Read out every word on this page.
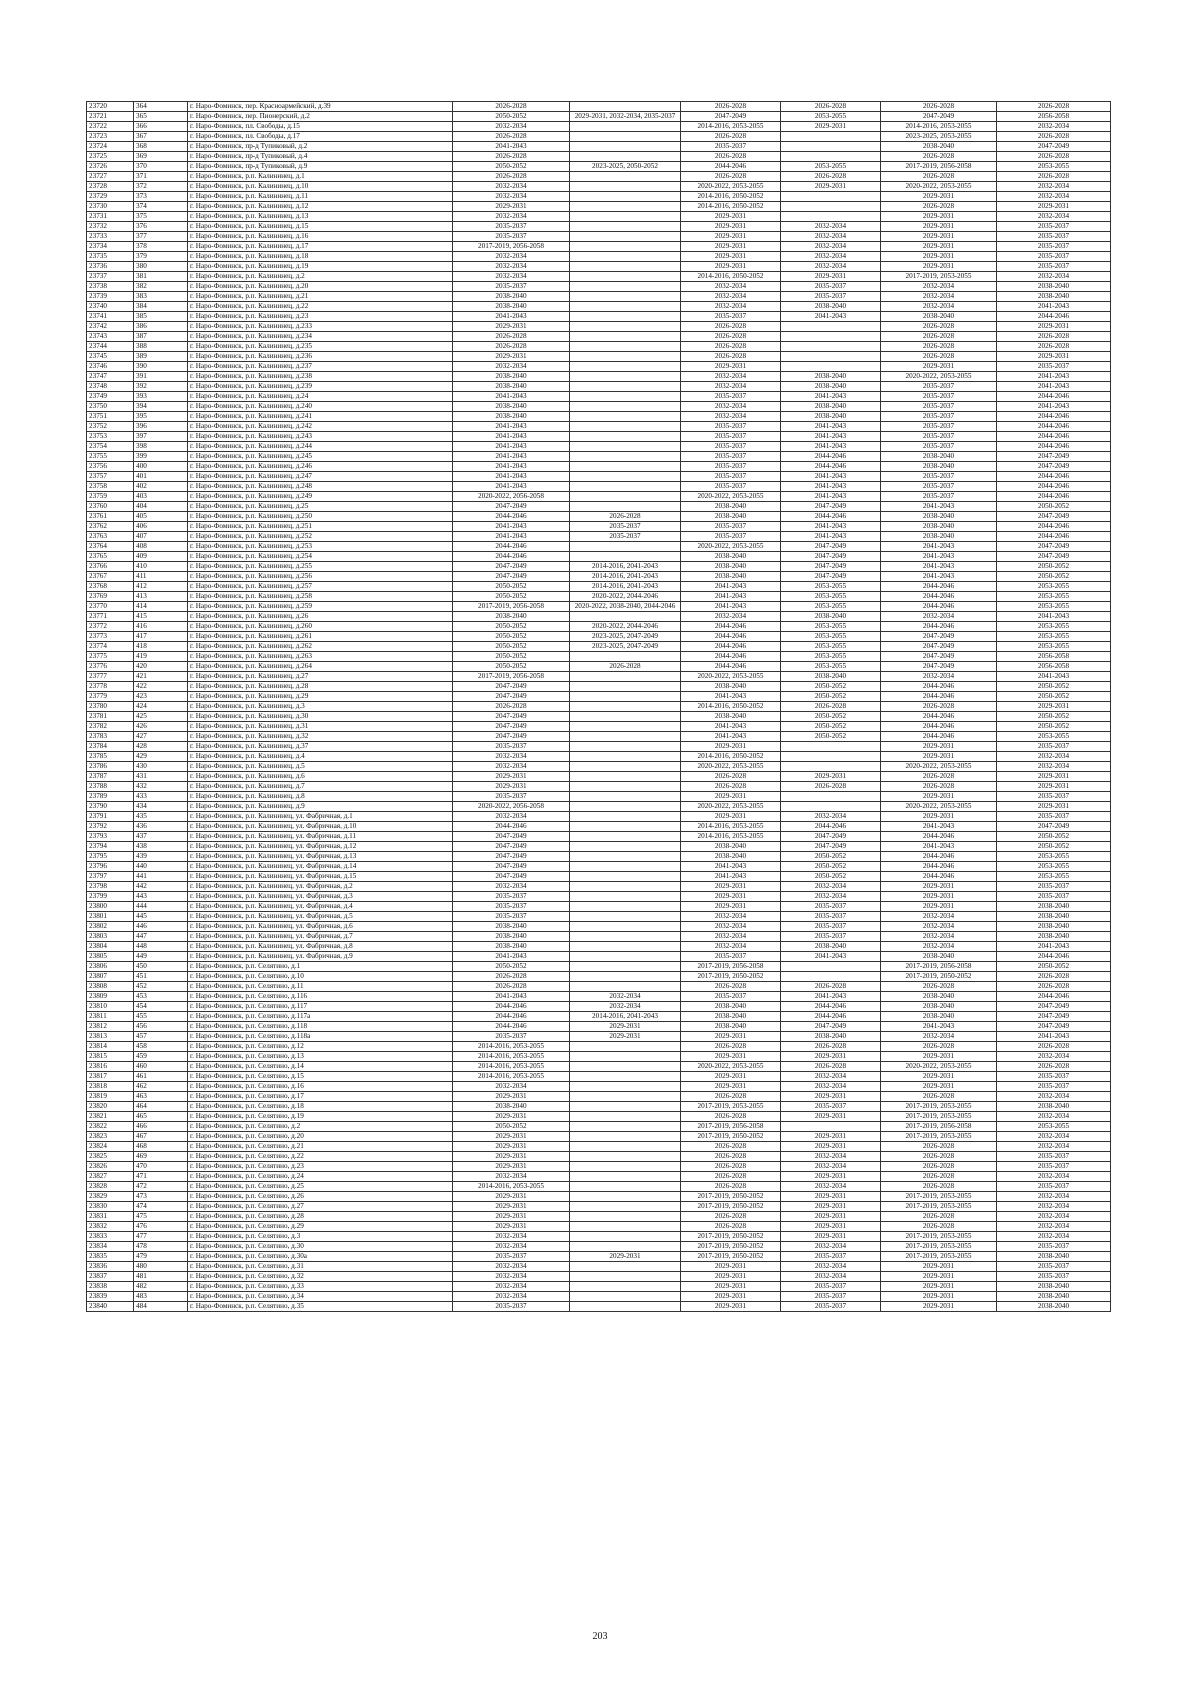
23720	364	г. Наро-Фоминск, пер. Красноармейский, д.39	2026-2028		2026-2028	2026-2028	2026-2028	2026-2028
23721	365	г. Наро-Фоминск, пер. Пионерский, д.2	2050-2052	2029-2031, 2032-2034, 2035-2037	2047-2049	2053-2055	2047-2049	2056-2058
23722	366	г. Наро-Фоминск, пл. Свободы, д.15	2032-2034		2014-2016, 2053-2055	2029-2031	2014-2016, 2053-2055	2032-2034
23723	367	г. Наро-Фоминск, пл. Свободы, д.17	2026-2028		2026-2028		2023-2025, 2053-2055	2026-2028
23724	368	г. Наро-Фоминск, пр-д Тупиковый, д.2	2041-2043		2035-2037		2038-2040	2047-2049
23725	369	г. Наро-Фоминск, пр-д Тупиковый, д.4	2026-2028		2026-2028		2026-2028	2026-2028
23726	370	г. Наро-Фоминск, пр-д Тупиковый, д.9	2050-2052	2023-2025, 2050-2052	2044-2046	2053-2055	2017-2019, 2056-2058	2053-2055
23727	371	г. Наро-Фоминск, р.п. Калининец, д.1	2026-2028		2026-2028	2026-2028	2026-2028	2026-2028
23728	372	г. Наро-Фоминск, р.п. Калининец, д.10	2032-2034		2020-2022, 2053-2055	2029-2031	2020-2022, 2053-2055	2032-2034
23729	373	г. Наро-Фоминск, р.п. Калининец, д.11	2032-2034		2014-2016, 2050-2052		2029-2031	2032-2034
23730	374	г. Наро-Фоминск, р.п. Калининец, д.12	2029-2031		2014-2016, 2050-2052		2026-2028	2029-2031
23731	375	г. Наро-Фоминск, р.п. Калининец, д.13	2032-2034		2029-2031		2029-2031	2032-2034
23732	376	г. Наро-Фоминск, р.п. Калининец, д.15	2035-2037		2029-2031	2032-2034	2029-2031	2035-2037
23733	377	г. Наро-Фоминск, р.п. Калининец, д.16	2035-2037		2029-2031	2032-2034	2029-2031	2035-2037
23734	378	г. Наро-Фоминск, р.п. Калининец, д.17	2017-2019, 2056-2058		2029-2031	2032-2034	2029-2031	2035-2037
23735	379	г. Наро-Фоминск, р.п. Калининец, д.18	2032-2034		2029-2031	2032-2034	2029-2031	2035-2037
23736	380	г. Наро-Фоминск, р.п. Калининец, д.19	2032-2034		2029-2031	2032-2034	2029-2031	2035-2037
23737	381	г. Наро-Фоминск, р.п. Калининец, д.2	2032-2034		2014-2016, 2050-2052	2029-2031	2017-2019, 2053-2055	2032-2034
23738	382	г. Наро-Фоминск, р.п. Калининец, д.20	2035-2037		2032-2034	2035-2037	2032-2034	2038-2040
23739	383	г. Наро-Фоминск, р.п. Калининец, д.21	2038-2040		2032-2034	2035-2037	2032-2034	2038-2040
23740	384	г. Наро-Фоминск, р.п. Калининец, д.22	2038-2040		2032-2034	2038-2040	2032-2034	2041-2043
23741	385	г. Наро-Фоминск, р.п. Калининец, д.23	2041-2043		2035-2037	2041-2043	2038-2040	2044-2046
23742	386	г. Наро-Фоминск, р.п. Калининец, д.233	2029-2031		2026-2028		2026-2028	2029-2031
23743	387	г. Наро-Фоминск, р.п. Калининец, д.234	2026-2028		2026-2028		2026-2028	2026-2028
23744	388	г. Наро-Фоминск, р.п. Калининец, д.235	2026-2028		2026-2028		2026-2028	2026-2028
23745	389	г. Наро-Фоминск, р.п. Калининец, д.236	2029-2031		2026-2028		2026-2028	2029-2031
23746	390	г. Наро-Фоминск, р.п. Калининец, д.237	2032-2034		2029-2031		2029-2031	2035-2037
23747	391	г. Наро-Фоминск, р.п. Калининец, д.238	2038-2040		2032-2034	2038-2040	2020-2022, 2053-2055	2041-2043
23748	392	г. Наро-Фоминск, р.п. Калининец, д.239	2038-2040		2032-2034	2038-2040	2035-2037	2041-2043
23749	393	г. Наро-Фоминск, р.п. Калининец, д.24	2041-2043		2035-2037	2041-2043	2035-2037	2044-2046
23750	394	г. Наро-Фоминск, р.п. Калининец, д.240	2038-2040		2032-2034	2038-2040	2035-2037	2041-2043
23751	395	г. Наро-Фоминск, р.п. Калининец, д.241	2038-2040		2032-2034	2038-2040	2035-2037	2044-2046
23752	396	г. Наро-Фоминск, р.п. Калининец, д.242	2041-2043		2035-2037	2041-2043	2035-2037	2044-2046
23753	397	г. Наро-Фоминск, р.п. Калининец, д.243	2041-2043		2035-2037	2041-2043	2035-2037	2044-2046
23754	398	г. Наро-Фоминск, р.п. Калининец, д.244	2041-2043		2035-2037	2041-2043	2035-2037	2044-2046
23755	399	г. Наро-Фоминск, р.п. Калининец, д.245	2041-2043		2035-2037	2044-2046	2038-2040	2047-2049
23756	400	г. Наро-Фоминск, р.п. Калининец, д.246	2041-2043		2035-2037	2044-2046	2038-2040	2047-2049
23757	401	г. Наро-Фоминск, р.п. Калининец, д.247	2041-2043		2035-2037	2041-2043	2035-2037	2044-2046
23758	402	г. Наро-Фоминск, р.п. Калининец, д.248	2041-2043		2035-2037	2041-2043	2035-2037	2044-2046
23759	403	г. Наро-Фоминск, р.п. Калининец, д.249	2020-2022, 2056-2058		2020-2022, 2053-2055	2041-2043	2035-2037	2044-2046
23760	404	г. Наро-Фоминск, р.п. Калининец, д.25	2047-2049		2038-2040	2047-2049	2041-2043	2050-2052
23761	405	г. Наро-Фоминск, р.п. Калининец, д.250	2044-2046	2026-2028	2038-2040	2044-2046	2038-2040	2047-2049
23762	406	г. Наро-Фоминск, р.п. Калининец, д.251	2041-2043	2035-2037	2035-2037	2041-2043	2038-2040	2044-2046
23763	407	г. Наро-Фоминск, р.п. Калининец, д.252	2041-2043	2035-2037	2035-2037	2041-2043	2038-2040	2044-2046
23764	408	г. Наро-Фоминск, р.п. Калининец, д.253	2044-2046		2020-2022, 2053-2055	2047-2049	2041-2043	2047-2049
23765	409	г. Наро-Фоминск, р.п. Калининец, д.254	2044-2046		2038-2040	2047-2049	2041-2043	2047-2049
23766	410	г. Наро-Фоминск, р.п. Калининец, д.255	2047-2049	2014-2016, 2041-2043	2038-2040	2047-2049	2041-2043	2050-2052
23767	411	г. Наро-Фоминск, р.п. Калининец, д.256	2047-2049	2014-2016, 2041-2043	2038-2040	2047-2049	2041-2043	2050-2052
23768	412	г. Наро-Фоминск, р.п. Калининец, д.257	2050-2052	2014-2016, 2041-2043	2041-2043	2053-2055	2044-2046	2053-2055
23769	413	г. Наро-Фоминск, р.п. Калининец, д.258	2050-2052	2020-2022, 2044-2046	2041-2043	2053-2055	2044-2046	2053-2055
23770	414	г. Наро-Фоминск, р.п. Калининец, д.259	2017-2019, 2056-2058	2020-2022, 2038-2040, 2044-2046	2041-2043	2053-2055	2044-2046	2053-2055
23771	415	г. Наро-Фоминск, р.п. Калининец, д.26	2038-2040		2032-2034	2038-2040	2032-2034	2041-2043
23772	416	г. Наро-Фоминск, р.п. Калининец, д.260	2050-2052	2020-2022, 2044-2046	2044-2046	2053-2055	2044-2046	2053-2055
23773	417	г. Наро-Фоминск, р.п. Калининец, д.261	2050-2052	2023-2025, 2047-2049	2044-2046	2053-2055	2047-2049	2053-2055
23774	418	г. Наро-Фоминск, р.п. Калининец, д.262	2050-2052	2023-2025, 2047-2049	2044-2046	2053-2055	2047-2049	2053-2055
23775	419	г. Наро-Фоминск, р.п. Калининец, д.263	2050-2052		2044-2046	2053-2055	2047-2049	2056-2058
23776	420	г. Наро-Фоминск, р.п. Калининец, д.264	2050-2052	2026-2028	2044-2046	2053-2055	2047-2049	2056-2058
23777	421	г. Наро-Фоминск, р.п. Калининец, д.27	2017-2019, 2056-2058		2020-2022, 2053-2055	2038-2040	2032-2034	2041-2043
23778	422	г. Наро-Фоминск, р.п. Калининец, д.28	2047-2049		2038-2040	2050-2052	2044-2046	2050-2052
23779	423	г. Наро-Фоминск, р.п. Калининец, д.29	2047-2049		2041-2043	2050-2052	2044-2046	2050-2052
23780	424	г. Наро-Фоминск, р.п. Калининец, д.3	2026-2028		2014-2016, 2050-2052	2026-2028	2026-2028	2029-2031
23781	425	г. Наро-Фоминск, р.п. Калининец, д.30	2047-2049		2038-2040	2050-2052	2044-2046	2050-2052
23782	426	г. Наро-Фоминск, р.п. Калининец, д.31	2047-2049		2041-2043	2050-2052	2044-2046	2050-2052
23783	427	г. Наро-Фоминск, р.п. Калининец, д.32	2047-2049		2041-2043	2050-2052	2044-2046	2053-2055
23784	428	г. Наро-Фоминск, р.п. Калининец, д.37	2035-2037		2029-2031		2029-2031	2035-2037
23785	429	г. Наро-Фоминск, р.п. Калининец, д.4	2032-2034		2014-2016, 2050-2052		2029-2031	2032-2034
23786	430	г. Наро-Фоминск, р.п. Калининец, д.5	2032-2034		2020-2022, 2053-2055		2020-2022, 2053-2055	2032-2034
23787	431	г. Наро-Фоминск, р.п. Калининец, д.6	2029-2031		2026-2028	2029-2031	2026-2028	2029-2031
23788	432	г. Наро-Фоминск, р.п. Калининец, д.7	2029-2031		2026-2028	2026-2028	2026-2028	2029-2031
23789	433	г. Наро-Фоминск, р.п. Калининец, д.8	2035-2037		2029-2031		2029-2031	2035-2037
23790	434	г. Наро-Фоминск, р.п. Калининец, д.9	2020-2022, 2056-2058		2020-2022, 2053-2055		2020-2022, 2053-2055	2029-2031
23791	435	г. Наро-Фоминск, р.п. Калининец, ул. Фабричная, д.1	2032-2034		2029-2031	2032-2034	2029-2031	2035-2037
23792	436	г. Наро-Фоминск, р.п. Калининец, ул. Фабричная, д.10	2044-2046		2014-2016, 2053-2055	2044-2046	2041-2043	2047-2049
23793	437	г. Наро-Фоминск, р.п. Калининец, ул. Фабричная, д.11	2047-2049		2014-2016, 2053-2055	2047-2049	2044-2046	2050-2052
23794	438	г. Наро-Фоминск, р.п. Калининец, ул. Фабричная, д.12	2047-2049		2038-2040	2047-2049	2041-2043	2050-2052
23795	439	г. Наро-Фоминск, р.п. Калининец, ул. Фабричная, д.13	2047-2049		2038-2040	2050-2052	2044-2046	2053-2055
23796	440	г. Наро-Фоминск, р.п. Калининец, ул. Фабричная, д.14	2047-2049		2041-2043	2050-2052	2044-2046	2053-2055
23797	441	г. Наро-Фоминск, р.п. Калининец, ул. Фабричная, д.15	2047-2049		2041-2043	2050-2052	2044-2046	2053-2055
23798	442	г. Наро-Фоминск, р.п. Калининец, ул. Фабричная, д.2	2032-2034		2029-2031	2032-2034	2029-2031	2035-2037
23799	443	г. Наро-Фоминск, р.п. Калининец, ул. Фабричная, д.3	2035-2037		2029-2031	2032-2034	2029-2031	2035-2037
23800	444	г. Наро-Фоминск, р.п. Калининец, ул. Фабричная, д.4	2035-2037		2029-2031	2035-2037	2029-2031	2038-2040
23801	445	г. Наро-Фоминск, р.п. Калининец, ул. Фабричная, д.5	2035-2037		2032-2034	2035-2037	2032-2034	2038-2040
23802	446	г. Наро-Фоминск, р.п. Калининец, ул. Фабричная, д.6	2038-2040		2032-2034	2035-2037	2032-2034	2038-2040
23803	447	г. Наро-Фоминск, р.п. Калининец, ул. Фабричная, д.7	2038-2040		2032-2034	2035-2037	2032-2034	2038-2040
23804	448	г. Наро-Фоминск, р.п. Калининец, ул. Фабричная, д.8	2038-2040		2032-2034	2038-2040	2032-2034	2041-2043
23805	449	г. Наро-Фоминск, р.п. Калининец, ул. Фабричная, д.9	2041-2043		2035-2037	2041-2043	2038-2040	2044-2046
23806	450	г. Наро-Фоминск, р.п. Селятино, д.1	2050-2052		2017-2019, 2056-2058		2017-2019, 2056-2058	2050-2052
23807	451	г. Наро-Фоминск, р.п. Селятино, д.10	2026-2028		2017-2019, 2050-2052		2017-2019, 2050-2052	2026-2028
23808	452	г. Наро-Фоминск, р.п. Селятино, д.11	2026-2028		2026-2028	2026-2028	2026-2028	2026-2028
23809	453	г. Наро-Фоминск, р.п. Селятино, д.116	2041-2043	2032-2034	2035-2037	2041-2043	2038-2040	2044-2046
23810	454	г. Наро-Фоминск, р.п. Селятино, д.117	2044-2046	2032-2034	2038-2040	2044-2046	2038-2040	2047-2049
23811	455	г. Наро-Фоминск, р.п. Селятино, д.117а	2044-2046	2014-2016, 2041-2043	2038-2040	2044-2046	2038-2040	2047-2049
23812	456	г. Наро-Фоминск, р.п. Селятино, д.118	2044-2046	2029-2031	2038-2040	2047-2049	2041-2043	2047-2049
23813	457	г. Наро-Фоминск, р.п. Селятино, д.118а	2035-2037	2029-2031	2029-2031	2038-2040	2032-2034	2041-2043
23814	458	г. Наро-Фоминск, р.п. Селятино, д.12	2014-2016, 2053-2055		2026-2028	2026-2028	2026-2028	2026-2028
23815	459	г. Наро-Фоминск, р.п. Селятино, д.13	2014-2016, 2053-2055		2029-2031	2029-2031	2029-2031	2032-2034
23816	460	г. Наро-Фоминск, р.п. Селятино, д.14	2014-2016, 2053-2055		2020-2022, 2053-2055	2026-2028	2020-2022, 2053-2055	2026-2028
23817	461	г. Наро-Фоминск, р.п. Селятино, д.15	2014-2016, 2053-2055		2029-2031	2032-2034	2029-2031	2035-2037
23818	462	г. Наро-Фоминск, р.п. Селятино, д.16	2032-2034		2029-2031	2032-2034	2029-2031	2035-2037
23819	463	г. Наро-Фоминск, р.п. Селятино, д.17	2029-2031		2026-2028	2029-2031	2026-2028	2032-2034
23820	464	г. Наро-Фоминск, р.п. Селятино, д.18	2038-2040		2017-2019, 2053-2055	2035-2037	2017-2019, 2053-2055	2038-2040
23821	465	г. Наро-Фоминск, р.п. Селятино, д.19	2029-2031		2026-2028	2029-2031	2017-2019, 2053-2055	2032-2034
23822	466	г. Наро-Фоминск, р.п. Селятино, д.2	2050-2052		2017-2019, 2056-2058		2017-2019, 2056-2058	2053-2055
23823	467	г. Наро-Фоминск, р.п. Селятино, д.20	2029-2031		2017-2019, 2050-2052	2029-2031	2017-2019, 2053-2055	2032-2034
23824	468	г. Наро-Фоминск, р.п. Селятино, д.21	2029-2031		2026-2028	2029-2031	2026-2028	2032-2034
23825	469	г. Наро-Фоминск, р.п. Селятино, д.22	2029-2031		2026-2028	2032-2034	2026-2028	2035-2037
23826	470	г. Наро-Фоминск, р.п. Селятино, д.23	2029-2031		2026-2028	2032-2034	2026-2028	2035-2037
23827	471	г. Наро-Фоминск, р.п. Селятино, д.24	2032-2034		2026-2028	2029-2031	2026-2028	2032-2034
23828	472	г. Наро-Фоминск, р.п. Селятино, д.25	2014-2016, 2053-2055		2026-2028	2032-2034	2026-2028	2035-2037
23829	473	г. Наро-Фоминск, р.п. Селятино, д.26	2029-2031		2017-2019, 2050-2052	2029-2031	2017-2019, 2053-2055	2032-2034
23830	474	г. Наро-Фоминск, р.п. Селятино, д.27	2029-2031		2017-2019, 2050-2052	2029-2031	2017-2019, 2053-2055	2032-2034
23831	475	г. Наро-Фоминск, р.п. Селятино, д.28	2029-2031		2026-2028	2029-2031	2026-2028	2032-2034
23832	476	г. Наро-Фоминск, р.п. Селятино, д.29	2029-2031		2026-2028	2029-2031	2026-2028	2032-2034
23833	477	г. Наро-Фоминск, р.п. Селятино, д.3	2032-2034		2017-2019, 2050-2052	2029-2031	2017-2019, 2053-2055	2032-2034
23834	478	г. Наро-Фоминск, р.п. Селятино, д.30	2032-2034		2017-2019, 2050-2052	2032-2034	2017-2019, 2053-2055	2035-2037
23835	479	г. Наро-Фоминск, р.п. Селятино, д.30а	2035-2037	2029-2031	2017-2019, 2050-2052	2035-2037	2017-2019, 2053-2055	2038-2040
23836	480	г. Наро-Фоминск, р.п. Селятино, д.31	2032-2034		2029-2031	2032-2034	2029-2031	2035-2037
23837	481	г. Наро-Фоминск, р.п. Селятино, д.32	2032-2034		2029-2031	2032-2034	2029-2031	2035-2037
23838	482	г. Наро-Фоминск, р.п. Селятино, д.33	2032-2034		2029-2031	2035-2037	2029-2031	2038-2040
23839	483	г. Наро-Фоминск, р.п. Селятино, д.34	2032-2034		2029-2031	2035-2037	2029-2031	2038-2040
23840	484	г. Наро-Фоминск, р.п. Селятино, д.35	2035-2037		2029-2031	2035-2037	2029-2031	2038-2040
203
